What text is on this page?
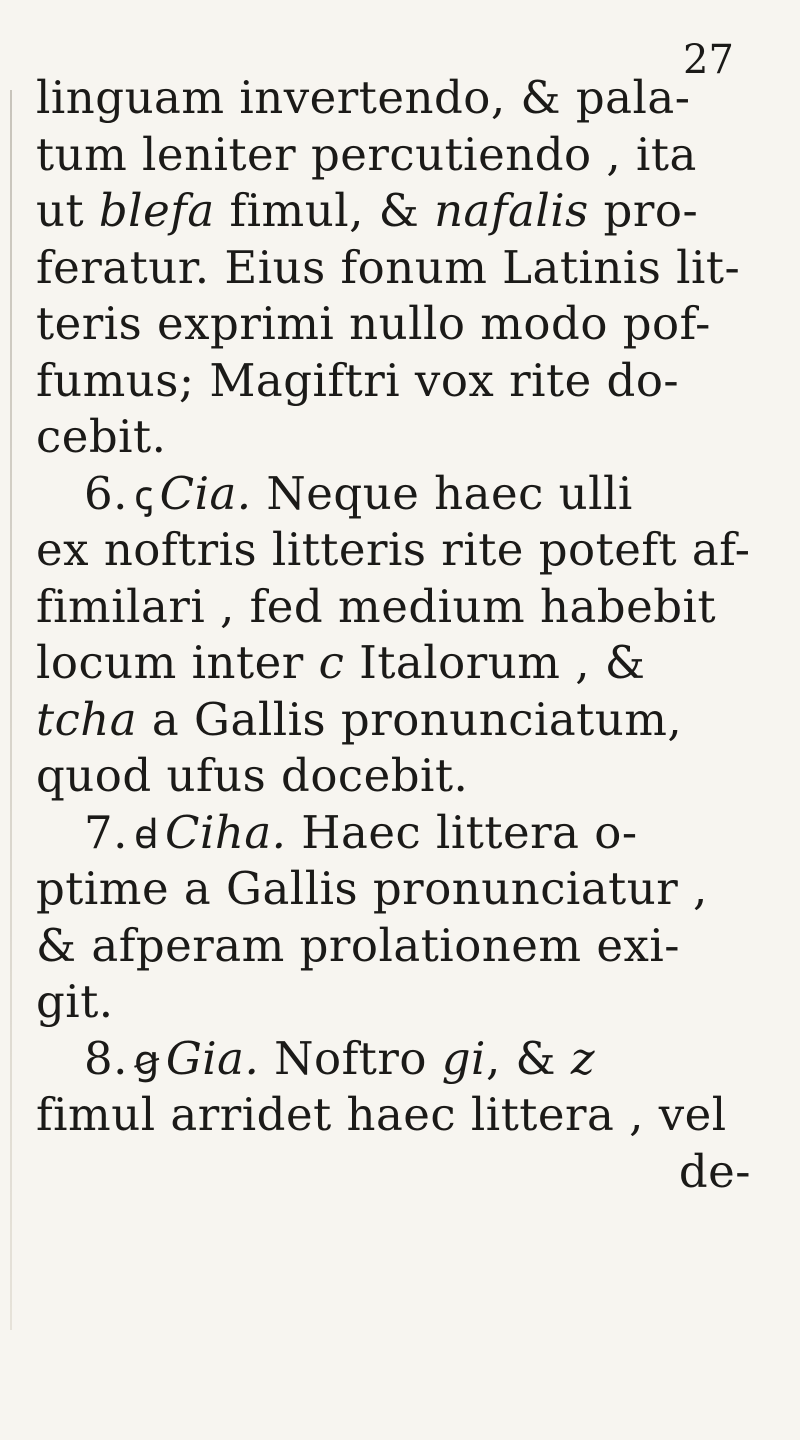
27
linguam invertendo, & pala-
tum leniter percutiendo , ita
ut blefa fimul, & nafalis pro-
feratur. Eius fonum Latinis lit-
teris exprimi nullo modo pof-
fumus; Magiftri vox rite do-
cebit.
6. ꞔ Cia. Neque haec ulli
ex noftris litteris rite poteft af-
fimilari , fed medium habebit
locum inter c Italorum , &
tcha a Gallis pronunciatum,
quod ufus docebit.
7. ꟈ Ciha. Haec littera o-
ptime a Gallis pronunciatur ,
& afperam prolationem exi-
git.
8. ꞡ Gia. Noftro gi, & z
fimul arridet haec littera , vel
de-
